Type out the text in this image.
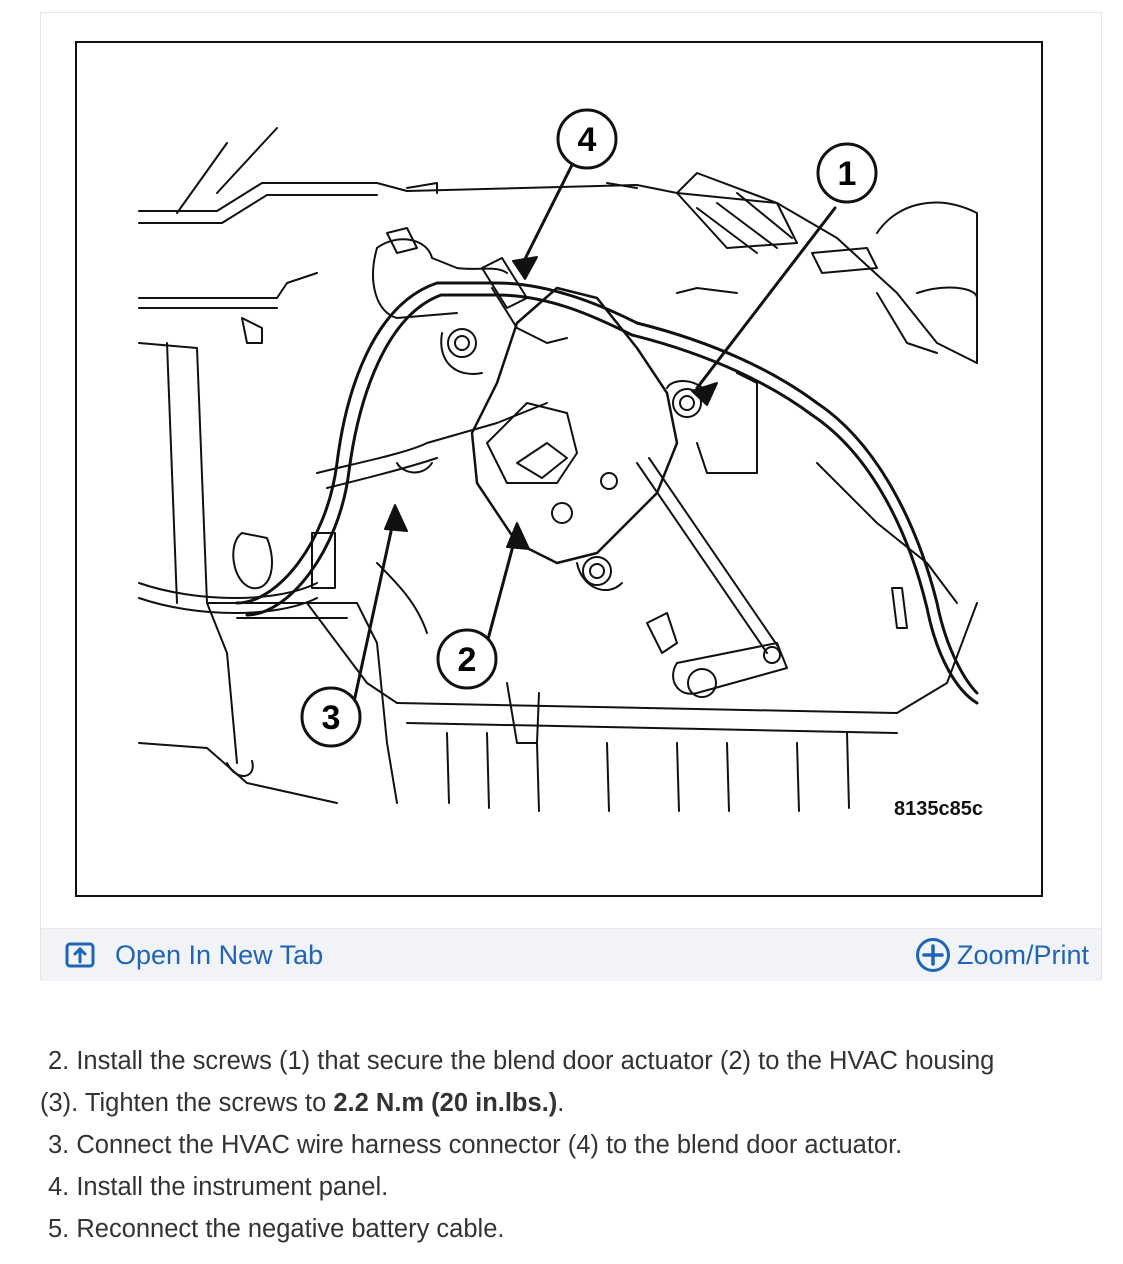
4
1
2
3
8135c85c
Open In New Tab	Zoom/Print

2. Install the screws (1) that secure the blend door actuator (2) to the HVAC housing

(3). Tighten the screws to 2.2 N.m (20 in.lbs.).

3. Connect the HVAC wire harness connector (4) to the blend door actuator.

4. Install the instrument panel.

5. Reconnect the negative battery cable.
